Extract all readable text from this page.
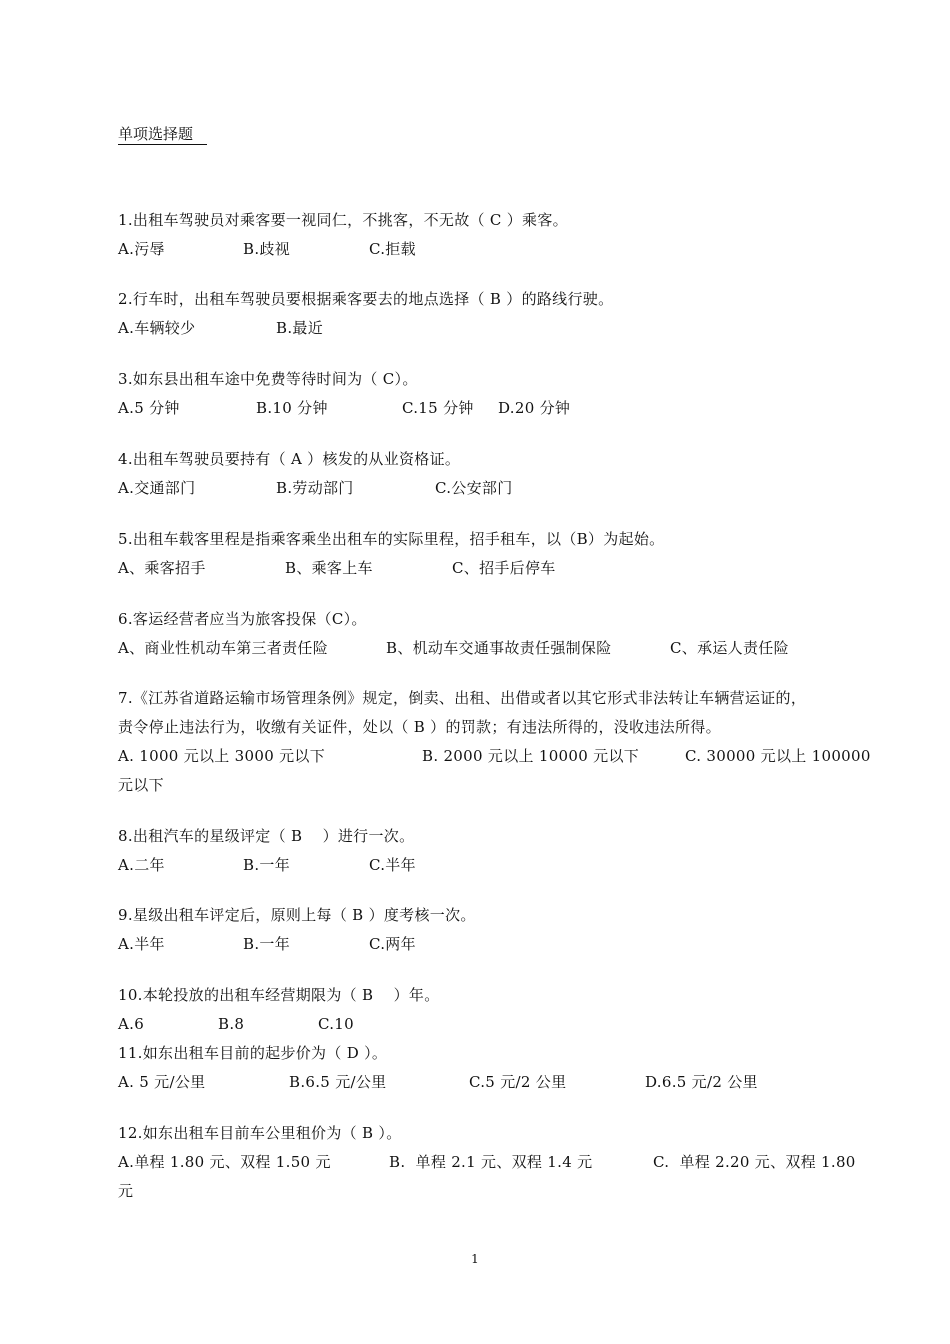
单项选择题
1.出租车驾驶员对乘客要一视同仁，不挑客，不无故（ C ）乘客。
A.污辱	B.歧视	C.拒载
2.行车时，出租车驾驶员要根据乘客要去的地点选择（ B ）的路线行驶。
A.车辆较少	B.最近
3.如东县出租车途中免费等待时间为（ C）。
A.5 分钟	B.10 分钟	C.15 分钟 D.20 分钟
4.出租车驾驶员要持有（ A ）核发的从业资格证。
A.交通部门	B.劳动部门	C.公安部门
5.出租车载客里程是指乘客乘坐出租车的实际里程，招手租车，以（B）为起始。
A、乘客招手	B、乘客上车	C、招手后停车
6.客运经营者应当为旅客投保（C）。
A、商业性机动车第三者责任险	B、机动车交通事故责任强制保险	C、承运人责任险
7.《江苏省道路运输市场管理条例》规定，倒卖、出租、出借或者以其它形式非法转让车辆营运证的，
责令停止违法行为，收缴有关证件，处以（ B ）的罚款；有违法所得的，没收违法所得。
A. 1000 元以上 3000 元以下	B. 2000 元以上 10000 元以下	C. 30000 元以上 100000
元以下
8.出租汽车的星级评定（ B    ）进行一次。
A.二年	B.一年	C.半年
9.星级出租车评定后，原则上每（ B ）度考核一次。
A.半年	B.一年	C.两年
10.本轮投放的出租车经营期限为（ B    ）年。
A.6	B.8	C.10
11.如东出租车目前的起步价为（ D ）。
A. 5 元/公里	B.6.5 元/公里	C.5 元/2 公里	D.6.5 元/2 公里
12.如东出租车目前车公里租价为（ B ）。
A.单程 1.80 元、双程 1.50 元	B.  单程 2.1 元、双程 1.4 元	C.  单程 2.20 元、双程 1.80
元
1
